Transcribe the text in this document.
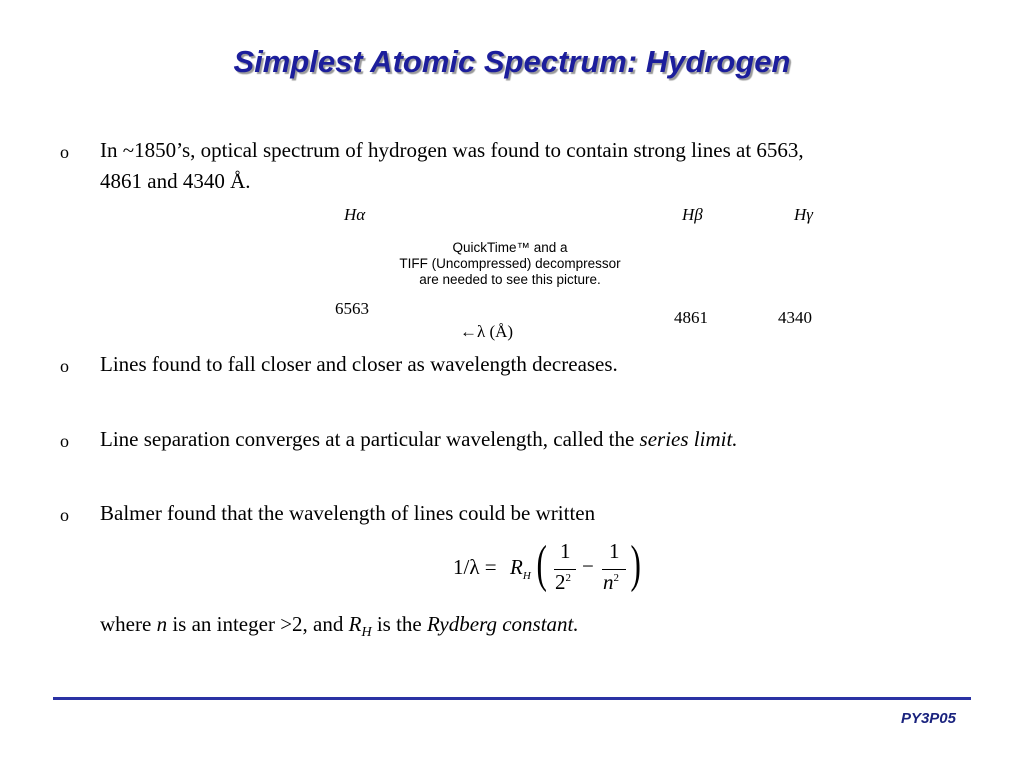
Simplest Atomic Spectrum: Hydrogen
o In ~1850’s, optical spectrum of hydrogen was found to contain strong lines at 6563,
4861 and 4340 Å.
Hα	Hβ	Hγ
QuickTime™ and a
TIFF (Uncompressed) decompressor
are needed to see this picture.
6563	4861	4340
←λ (Å)
o Lines found to fall closer and closer as wavelength decreases.
o Line separation converges at a particular wavelength, called the series limit.
o Balmer found that the wavelength of lines could be written
$1/\lambda = R_H$ ( 1
$2^2$ −
1
$n^2$ )
where n is an integer >2, and $R_H$ is the Rydberg constant.
PY3P05
